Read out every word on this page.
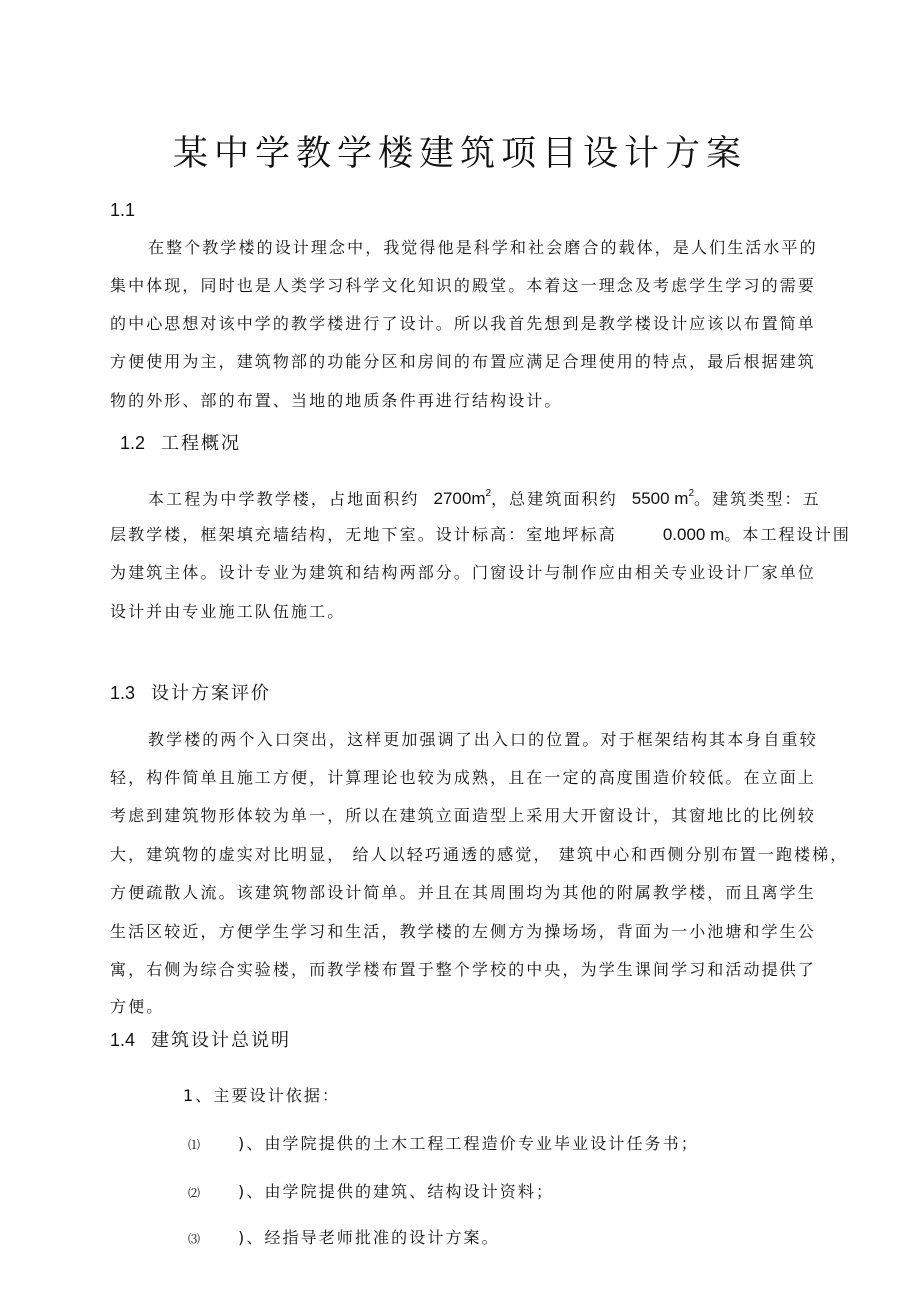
某中学教学楼建筑项目设计方案
1.1
在整个教学楼的设计理念中，我觉得他是科学和社会磨合的载体，是人们生活水平的
集中体现，同时也是人类学习科学文化知识的殿堂。本着这一理念及考虑学生学习的需要
的中心思想对该中学的教学楼进行了设计。所以我首先想到是教学楼设计应该以布置简单
方便使用为主，建筑物部的功能分区和房间的布置应满足合理使用的特点，最后根据建筑
物的外形、部的布置、当地的地质条件再进行结构设计。
1.2 工程概况
本工程为中学教学楼，占地面积约 $2700m^2$，总建筑面积约 5500 $m^2$。建筑类型：五
层教学楼，框架填充墙结构，无地下室。设计标高：室地坪标高	0.000 m。本工程设计围
为建筑主体。设计专业为建筑和结构两部分。门窗设计与制作应由相关专业设计厂家单位
设计并由专业施工队伍施工。
1.3 设计方案评价
教学楼的两个入口突出，这样更加强调了出入口的位置。对于框架结构其本身自重较
轻，构件简单且施工方便，计算理论也较为成熟，且在一定的高度围造价较低。在立面上
考虑到建筑物形体较为单一，所以在建筑立面造型上采用大开窗设计，其窗地比的比例较
大，建筑物的虚实对比明显， 给人以轻巧通透的感觉， 建筑中心和西侧分别布置一跑楼梯，
方便疏散人流。该建筑物部设计简单。并且在其周围均为其他的附属教学楼，而且离学生
生活区较近，方便学生学习和生活，教学楼的左侧方为操场场，背面为一小池塘和学生公
寓，右侧为综合实验楼，而教学楼布置于整个学校的中央，为学生课间学习和活动提供了
方便。
1.4 建筑设计总说明
1、主要设计依据：
⑴ )、由学院提供的土木工程工程造价专业毕业设计任务书；
⑵ )、由学院提供的建筑、结构设计资料；
⑶ )、经指导老师批准的设计方案。
